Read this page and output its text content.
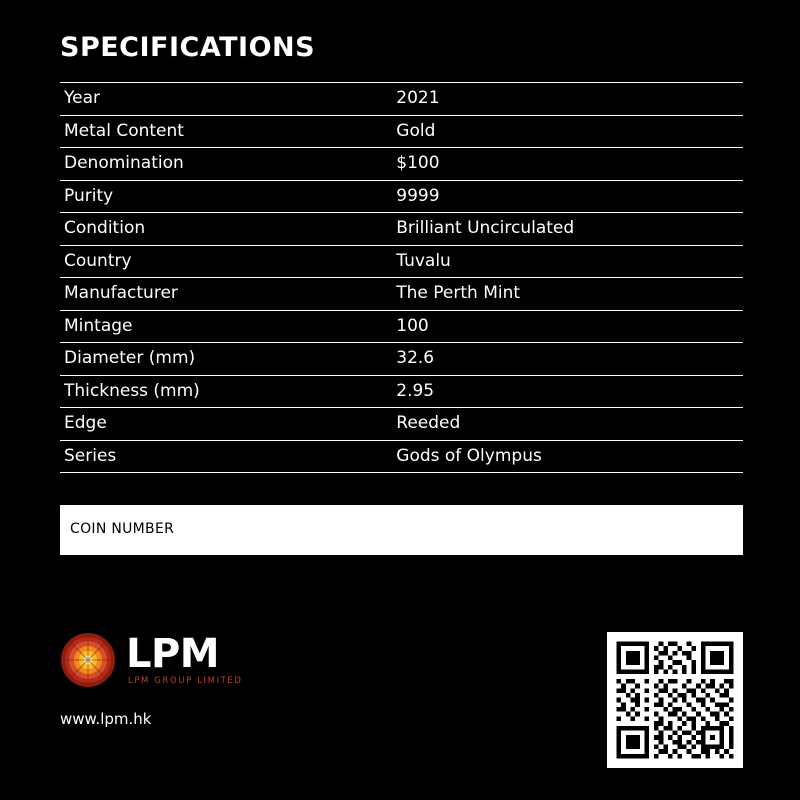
SPECIFICATIONS
Year	2021
Metal Content	Gold
Denomination	$100
Purity	9999
Condition	Brilliant Uncirculated
Country	Tuvalu
Manufacturer	The Perth Mint
Mintage	100
Diameter (mm)	32.6
Thickness (mm)	2.95
Edge	Reeded
Series	Gods of Olympus
COIN NUMBER
LPM
LPM GROUP LIMITED
www.lpm.hk
